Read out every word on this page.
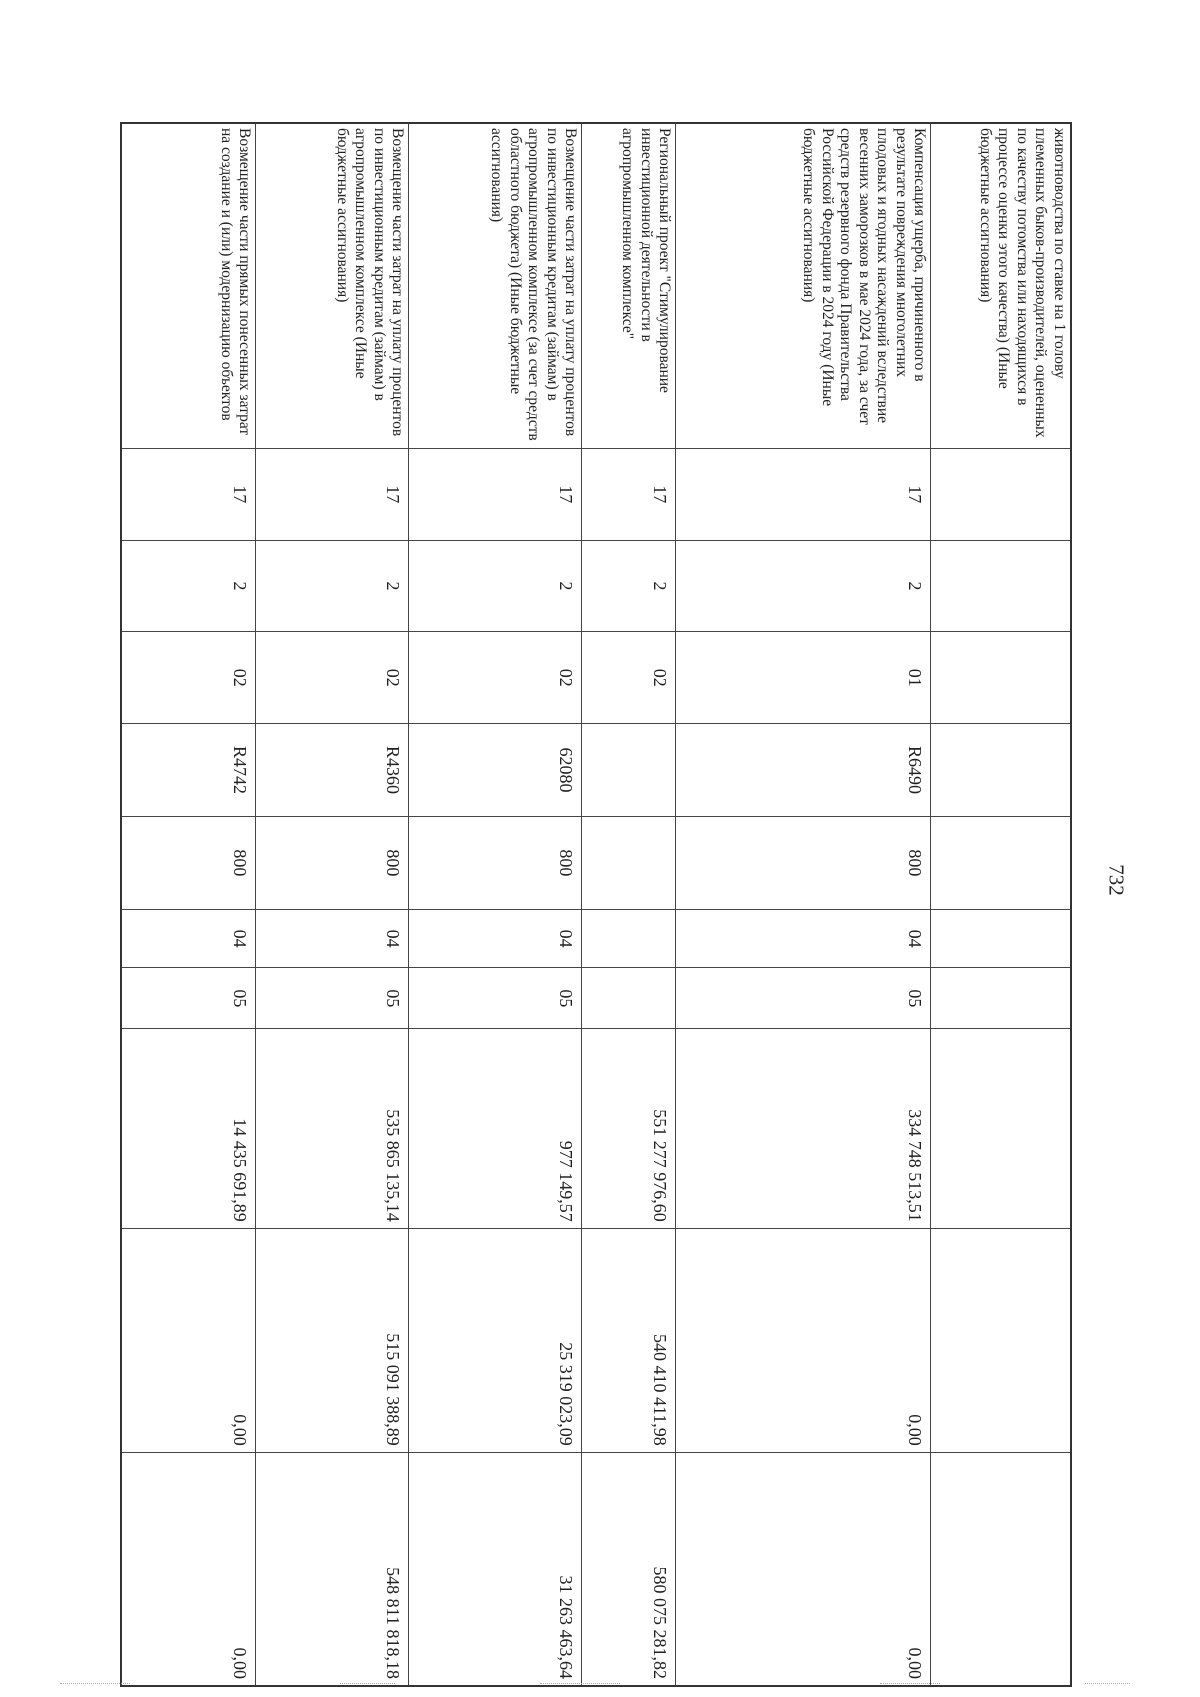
732
животноводства по ставке на 1 голову племенных быков-производителей, оцененных по качеству потомства или находящихся в процессе оценки этого качества) (Иные бюджетные ассигнования)										
Компенсация ущерба, причиненного в результате повреждения многолетних плодовых и ягодных насаждений вследствие весенних заморозков в мае 2024 года, за счет средств резервного фонда Правительства Российской Федерации в 2024 году (Иные бюджетные ассигнования)	17	2	01	R6490	800	04	05	334 748 513,51	0,00	0,00
Региональный проект "Стимулирование инвестиционной деятельности в агропромышленном комплексе"	17	2	02					551 277 976,60	540 410 411,98	580 075 281,82
Возмещение части затрат на уплату процентов по инвестиционным кредитам (займам) в агропромышленном комплексе (за счет средств областного бюджета) (Иные бюджетные ассигнования)	17	2	02	62080	800	04	05	977 149,57	25 319 023,09	31 263 463,64
Возмещение части затрат на уплату процентов по инвестиционным кредитам (займам) в агропромышленном комплексе (Иные бюджетные ассигнования)	17	2	02	R4360	800	04	05	535 865 135,14	515 091 388,89	548 811 818,18
Возмещение части прямых понесенных затрат на создание и (или) модернизацию объектов	17	2	02	R4742	800	04	05	14 435 691,89	0,00	0,00
